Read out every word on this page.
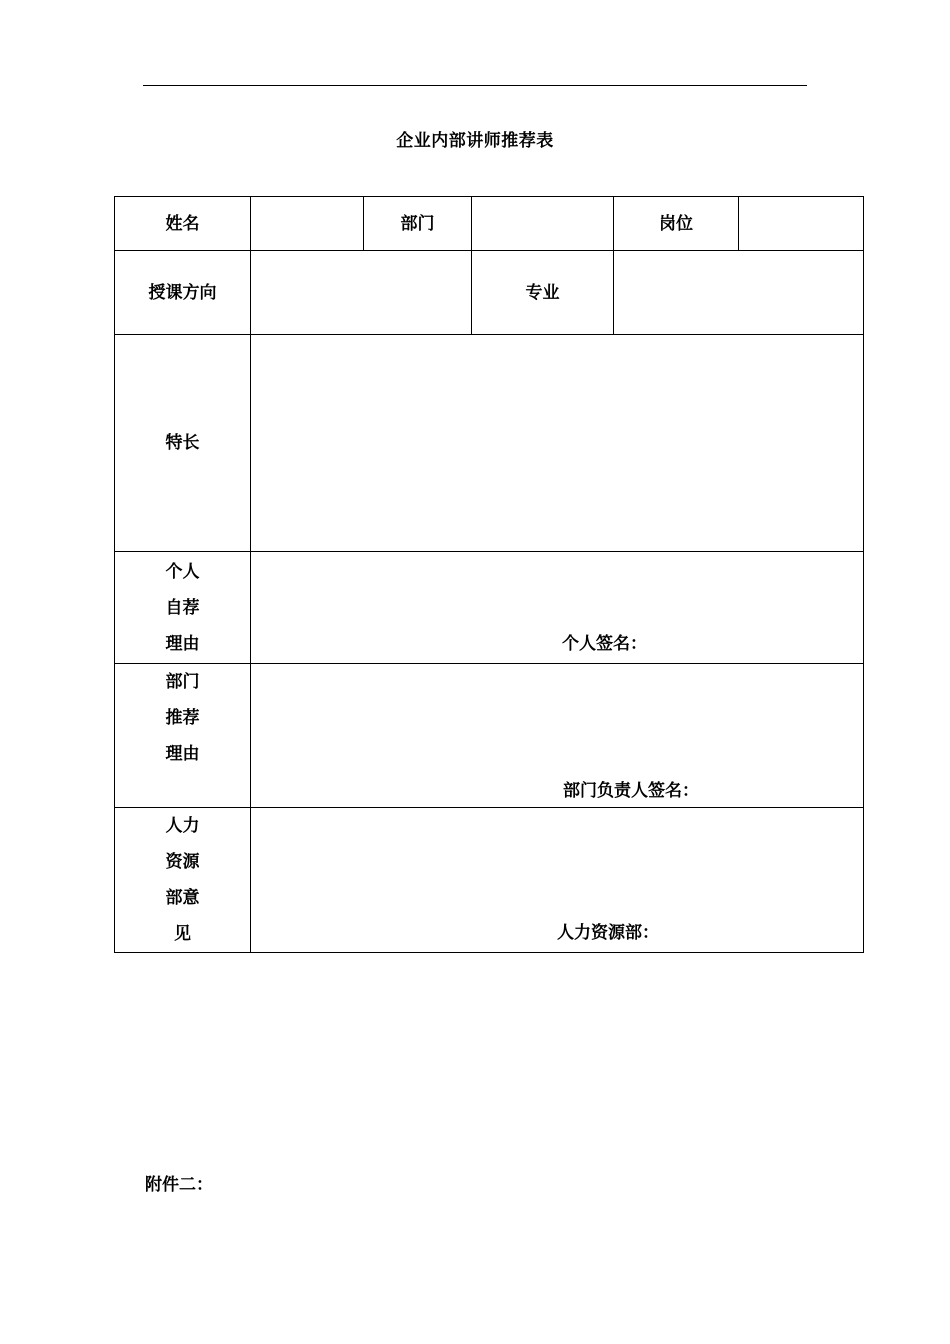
企业内部讲师推荐表
姓名		部门		岗位	
授课方向			专业		
特长					

个人
自荐
理由	个人签名：				

部门
推荐
理由	部门负责人签名：				

人力
资源
部意
见	人力资源部：				
附件二：
